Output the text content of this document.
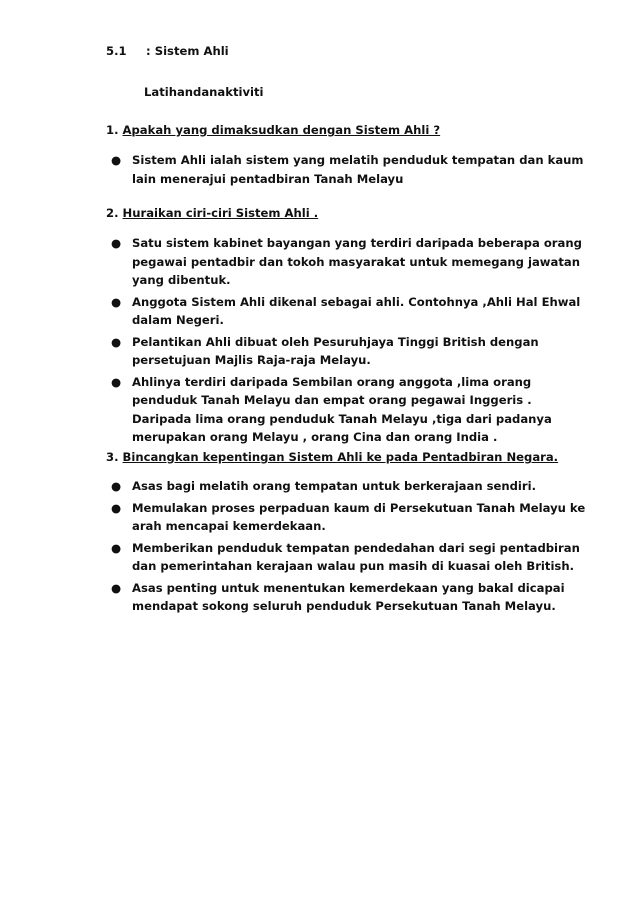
5.1 : Sistem Ahli
Latihandanaktiviti
1. Apakah yang dimaksudkan dengan Sistem Ahli ?
● Sistem Ahli ialah sistem yang melatih penduduk tempatan dan kaum
lain menerajui pentadbiran Tanah Melayu
2. Huraikan ciri-ciri Sistem Ahli .
● Satu sistem kabinet bayangan yang terdiri daripada beberapa orang
pegawai pentadbir dan tokoh masyarakat untuk memegang jawatan
yang dibentuk.
● Anggota Sistem Ahli dikenal sebagai ahli. Contohnya ,Ahli Hal Ehwal
dalam Negeri.
● Pelantikan Ahli dibuat oleh Pesuruhjaya Tinggi British dengan
persetujuan Majlis Raja-raja Melayu.
● Ahlinya terdiri daripada Sembilan orang anggota ,lima orang
penduduk Tanah Melayu dan empat orang pegawai Inggeris .
Daripada lima orang penduduk Tanah Melayu ,tiga dari padanya
merupakan orang Melayu , orang Cina dan orang India .
3. Bincangkan kepentingan Sistem Ahli ke pada Pentadbiran Negara.
● Asas bagi melatih orang tempatan untuk berkerajaan sendiri.
● Memulakan proses perpaduan kaum di Persekutuan Tanah Melayu ke
arah mencapai kemerdekaan.
● Memberikan penduduk tempatan pendedahan dari segi pentadbiran
dan pemerintahan kerajaan walau pun masih di kuasai oleh British.
● Asas penting untuk menentukan kemerdekaan yang bakal dicapai
mendapat sokong seluruh penduduk Persekutuan Tanah Melayu.
